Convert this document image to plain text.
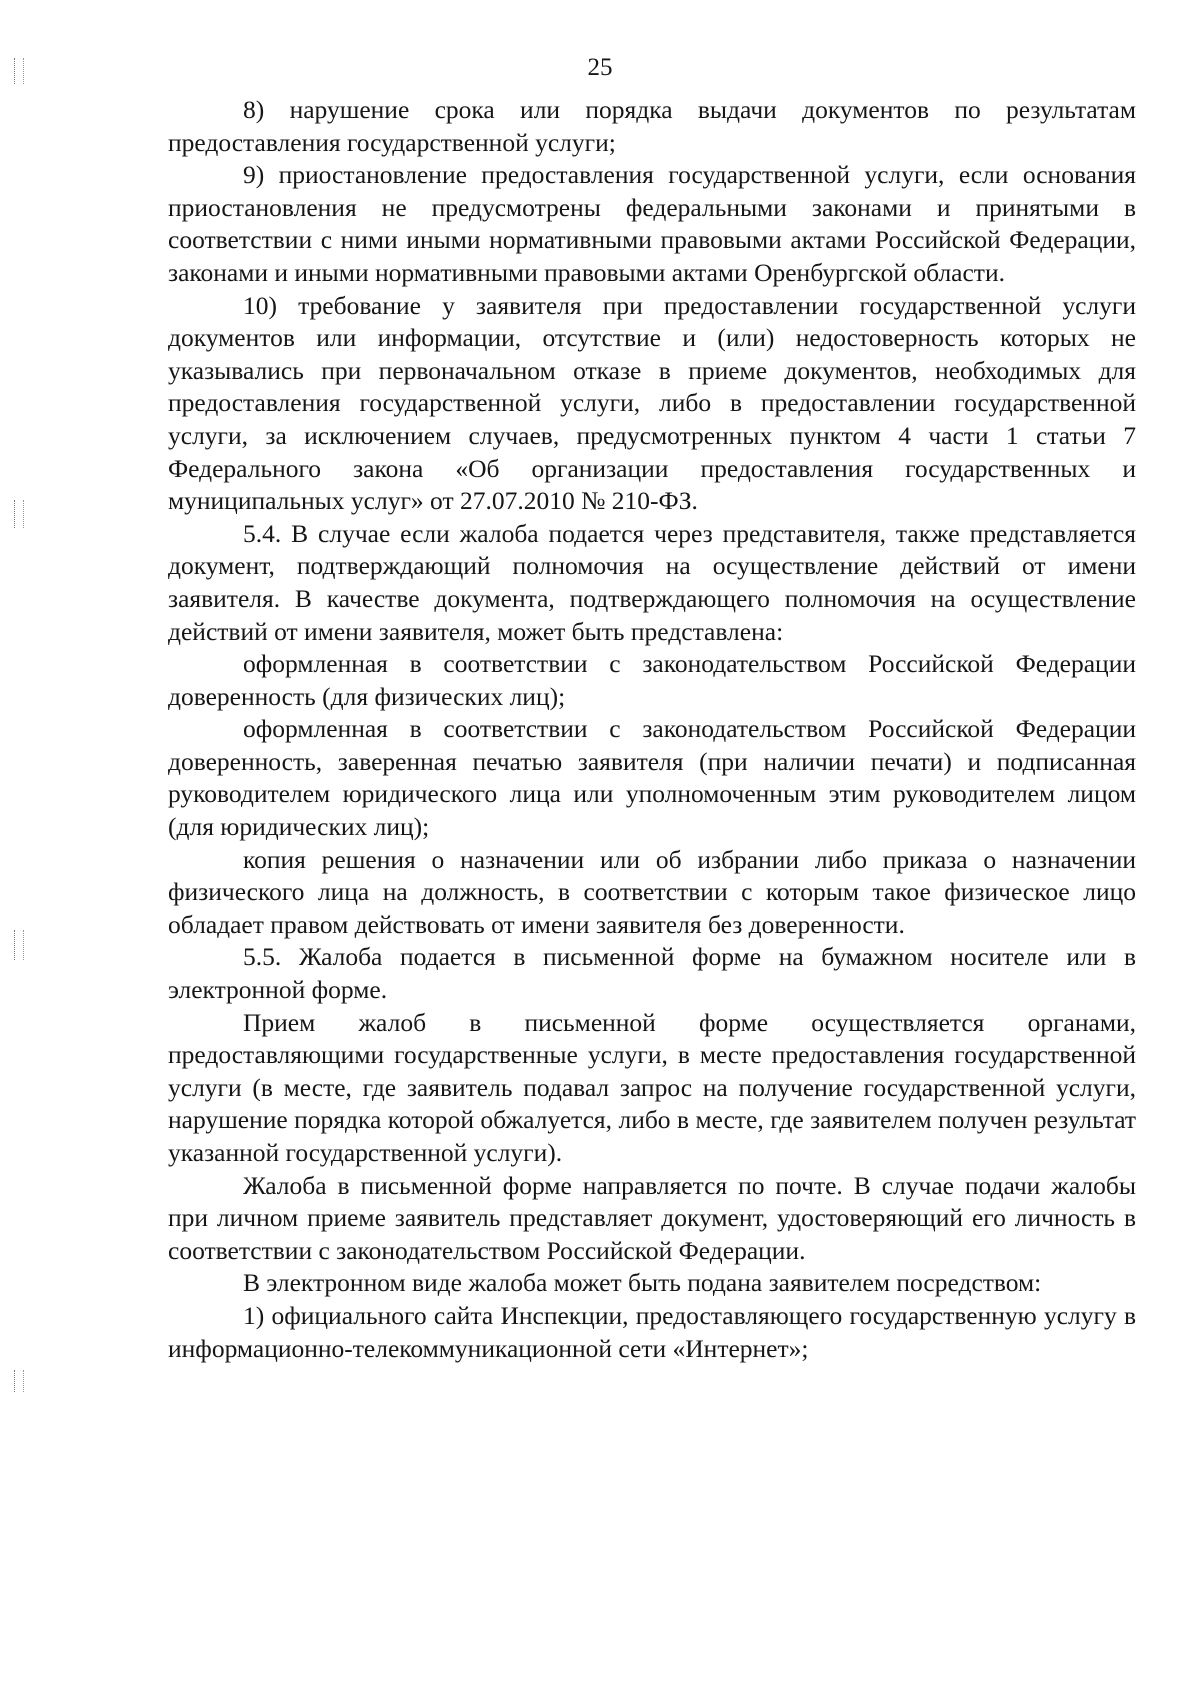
25

8) нарушение срока или порядка выдачи документов по результатам предоставления государственной услуги;

9) приостановление предоставления государственной услуги, если основания приостановления не предусмотрены федеральными законами и принятыми в соответствии с ними иными нормативными правовыми актами Российской Федерации, законами и иными нормативными правовыми актами Оренбургской области.

10) требование у заявителя при предоставлении государственной услуги документов или информации, отсутствие и (или) недостоверность которых не указывались при первоначальном отказе в приеме документов, необходимых для предоставления государственной услуги, либо в предоставлении государственной услуги, за исключением случаев, предусмотренных пунктом 4 части 1 статьи 7 Федерального закона «Об организации предоставления государственных и муниципальных услуг» от 27.07.2010 № 210-ФЗ.

5.4. В случае если жалоба подается через представителя, также представляется документ, подтверждающий полномочия на осуществление действий от имени заявителя. В качестве документа, подтверждающего полномочия на осуществление действий от имени заявителя, может быть представлена:

оформленная в соответствии с законодательством Российской Федерации доверенность (для физических лиц);

оформленная в соответствии с законодательством Российской Федерации доверенность, заверенная печатью заявителя (при наличии печати) и подписанная руководителем юридического лица или уполномоченным этим руководителем лицом (для юридических лиц);

копия решения о назначении или об избрании либо приказа о назначении физического лица на должность, в соответствии с которым такое физическое лицо обладает правом действовать от имени заявителя без доверенности.

5.5. Жалоба подается в письменной форме на бумажном носителе или в электронной форме.

Прием жалоб в письменной форме осуществляется органами, предоставляющими государственные услуги, в месте предоставления государственной услуги (в месте, где заявитель подавал запрос на получение государственной услуги, нарушение порядка которой обжалуется, либо в месте, где заявителем получен результат указанной государственной услуги).

Жалоба в письменной форме направляется по почте. В случае подачи жалобы при личном приеме заявитель представляет документ, удостоверяющий его личность в соответствии с законодательством Российской Федерации.

В электронном виде жалоба может быть подана заявителем посредством:

1) официального сайта Инспекции, предоставляющего государственную услугу в информационно-телекоммуникационной сети «Интернет»;
